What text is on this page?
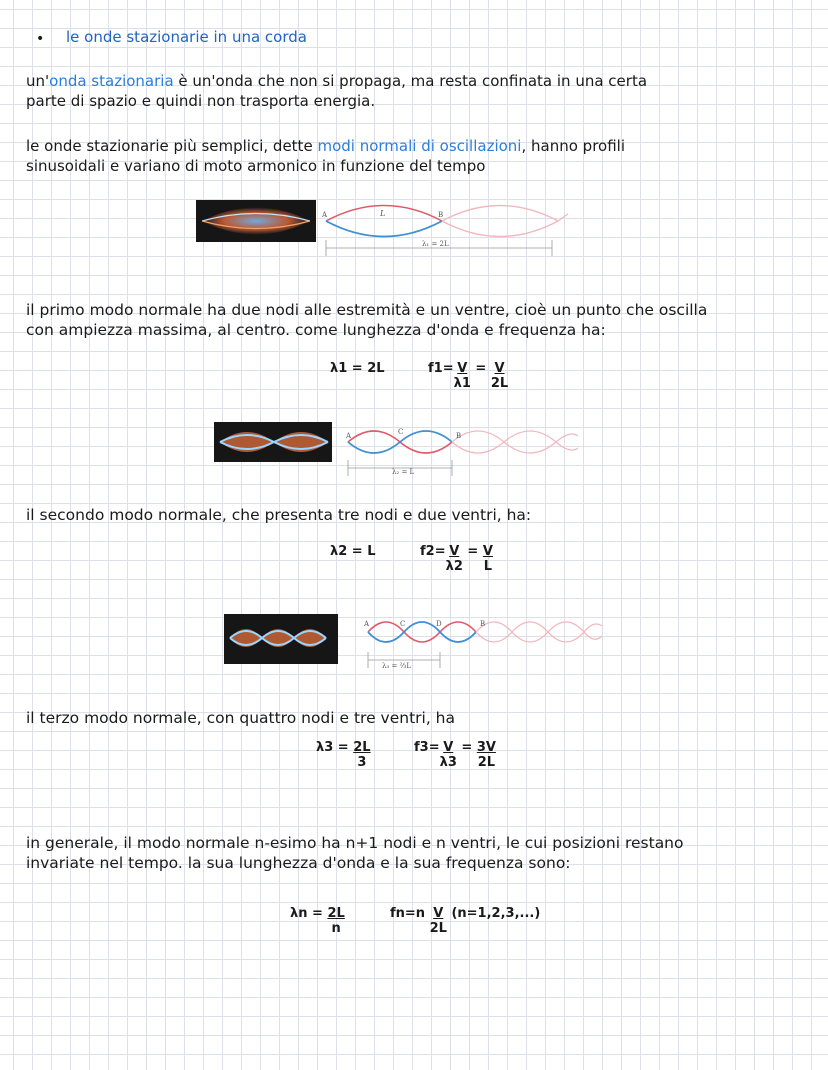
• le onde stazionarie in una corda
un'onda stazionaria è un'onda che non si propaga, ma resta confinata in una certa
parte di spazio e quindi non trasporta energia.
le onde stazionarie più semplici, dette modi normali di oscillazioni, hanno profili
sinusoidali e variano di moto armonico in funzione del tempo
A	B
L
λ₁ = 2L
il primo modo normale ha due nodi alle estremità e un ventre, cioè un punto che oscilla
con ampiezza massima, al centro. come lunghezza d'onda e frequenza ha:
λ1 = 2L	$f1=\frac{V}{\lambda 1} = \frac{V}{2L}$
A	B
C
λ₂ = L
il secondo modo normale, che presenta tre nodi e due ventri, ha:
λ2 = L	$f2=\frac{V}{\lambda 2} = \frac{V}{L}$
A	B
C	D
λ₃ = ⅔L
il terzo modo normale, con quattro nodi e tre ventri, ha
$\lambda 3 = \frac{2L}{3}$	$f3=\frac{V}{\lambda 3} = \frac{3V}{2L}$
in generale, il modo normale n-esimo ha n+1 nodi e n ventri, le cui posizioni restano
invariate nel tempo. la sua lunghezza d'onda e la sua frequenza sono:
$\lambda n = \frac{2L}{n}$	$fn=n \frac{V}{2L} (n=1,2,3,...)$
